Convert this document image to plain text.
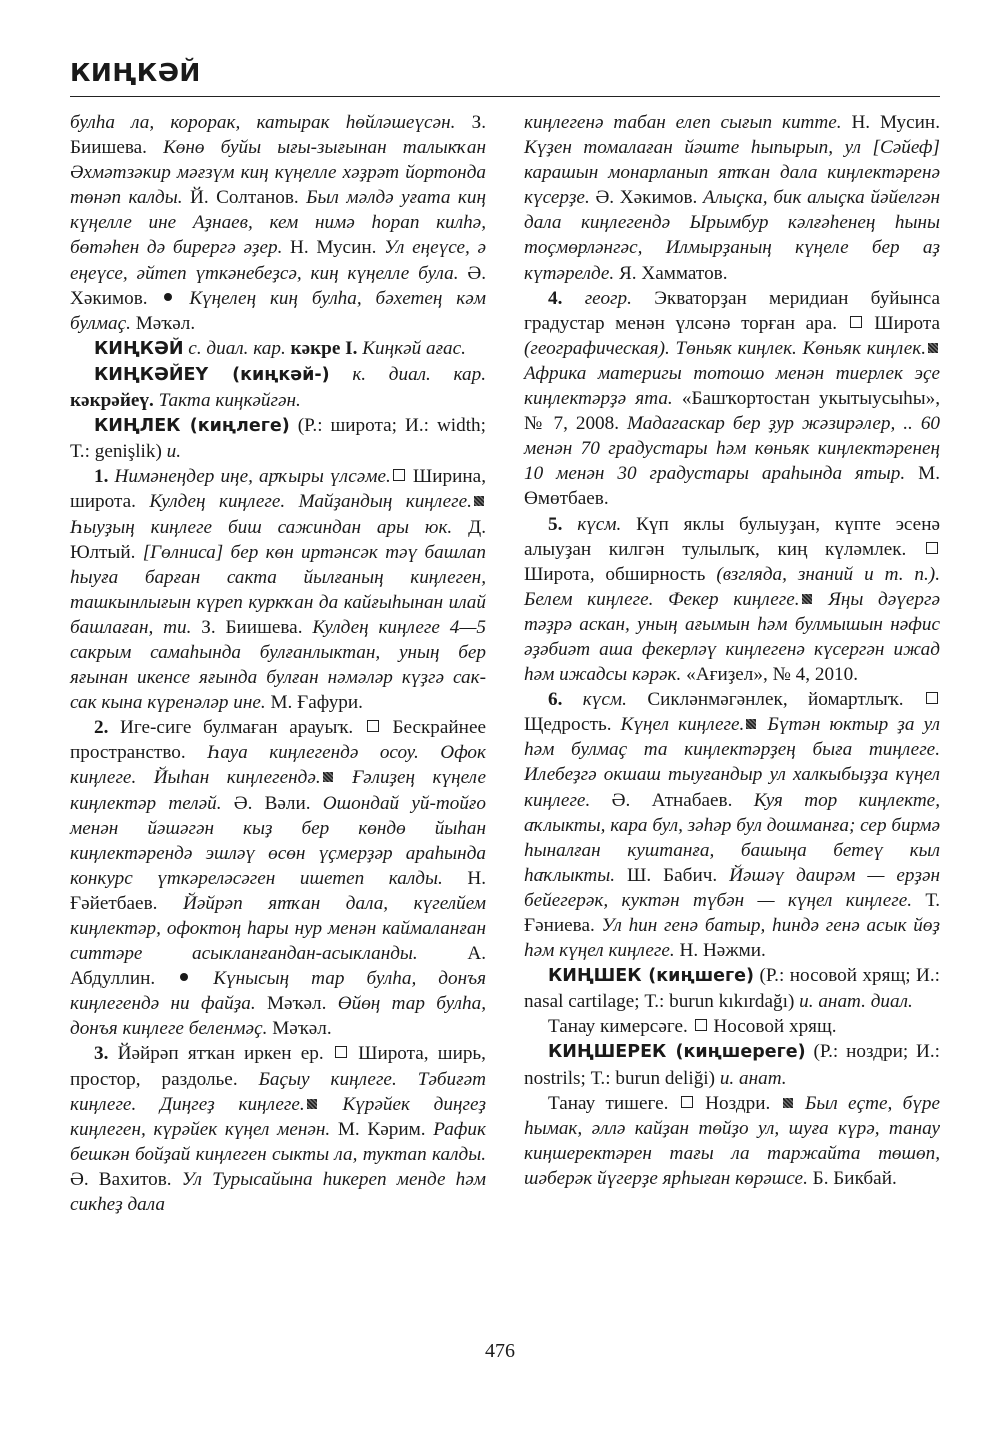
КИҢКӘЙ

булһа ла, корорак, катырак һөйләшеүсән. З. Биишева. Көнө буйы ығы-зығынан талыкҡан Әхмәтзәкир мәғзүм киң күңелле хәҙрәт йортонда төнәп калды. Й. Солтанов. Был мәлдә уғата киң күңелле ине Аҙнаев, кем нимә һорап килһә, бөтәһен дә бирергә әҙер. Н. Мусин. Ул еңеүсе, ә еңеүсе, әйтеп үткәнебеҙсә, киң күңелле була. Ә. Хәкимов.  Күңелең киң булһа, бәхетең кәм булмаҫ. Мәҡәл.

КИҢКӘЙ с. диал. кар. кәкре I. Киңкәй ағас.

КИҢКӘЙЕҮ (киңкәй-) к. диал. кар. кәкрәйеү. Такта киңкәйгән.

КИҢЛЕК (киңлеге) (Р.: широта; И.: width; Т.: genişlik) и.

1. Нимәнеңдер иңе, арҡыры үлсәме. Ширина, широта. Кулдең киңлеге. Майҙандың киңлеге. Һыуҙың киңлеге биш сажиндан ары юк. Д. Юлтый. [Гөлниса] бер көн иртәнсәк тәү башлап һыуға барған сакта йылғаның киңлеген, ташкынлығын күреп куркҡан да кайғыһынан илай башлаған, ти. З. Биишева. Кулдең киңлеге 4—5 сакрым самаһында булғанлыктан, уның бер яғынан икенсе яғында булған нәмәләр күҙгә сак-сак кына күренәләр ине. М. Ғафури.

2. Иге-сиге булмаған арауыҡ.  Бескрайнее пространство. Һауа киңлегендә осоу. Офок киңлеге. Йыһан киңлегендә. Ғәлиҙең күңеле киңлектәр теләй. Ә. Вәли. Ошондай уй-тойғо менән йәшәгән кыҙ бер көндө йыһан киңлектәрендә эшләү өсөн үҫмерҙәр араһында конкурс үткәреләсәген ишетеп калды. Н. Ғәйетбаев. Йәйрәп ятҡан дала, күгелйем киңлектәр, офоктоң һары нур менән каймаланған ситтәре асыкланғандан-асыкланды. А. Абдуллин.  Күнысың тар булһа, донъя киңлегендә ни файҙа. Мәҡәл. Өйөң тар булһа, донъя киңлеге беленмәҫ. Мәҡәл.

3. Йәйрәп ятҡан иркен ер.  Широта, ширь, простор, раздолье. Баҫыу киңлеге. Тәбиғәт киңлеге. Диңгеҙ киңлеге. Күрәйек диңгеҙ киңлеген, күрәйек күңел менән. М. Кәрим. Рафик бешкән бойҙай киңлеген сыкты ла, туктап калды. Ә. Вахитов. Ул Турысайына һикереп менде һәм сикһеҙ дала

киңлегенә табан елеп сығып китте. Н. Мусин. Күҙен томалаған йәште һыпырып, ул [Сәйеф] карашын монарланып ятҡан дала киңлектәренә күсерҙе. Ә. Хәкимов. Алыҫка, бик алыҫка йәйелгән дала киңлегендә Ырымбур кәлғәһенең һыны тоҫмөрләнгәс, Илмырҙаның күңеле бер аҙ күтәрелде. Я. Хамматов.

4. геогр. Экваторҙан меридиан буйынса градустар менән үлсәнә торған ара.  Широта (географическая). Төньяк киңлек. Көньяк киңлек. Африка материгы тотошо менән тиерлек эҫе киңлектәрҙә ята. «Башҡортостан укытыусыһы», № 7, 2008. Мадагаскар бер ҙур жәзирәлер, .. 60 менән 70 градустары һәм көньяк киңлектәренең 10 менән 30 градустары араһында ятыр. М. Өмөтбаев.

5. күсм. Күп яклы булыуҙан, күпте эсенә алыуҙан килгән тулылыҡ, киң күләмлек.  Широта, обширность (взгляда, знаний и т. п.). Белем киңлеге. Фекер киңлеге. Яңы дәүергә тәҙрә аскан, уның ағымын һәм булмышын нәфис әҙәбиәт аша фекерләү киңлегенә күсергән ижад һәм ижадсы кәрәк. «Ағиҙел», № 4, 2010.

6. күсм. Сикләнмәгәнлек, йомартлыҡ.  Щедрость. Күңел киңлеге. Бүтән юктыр ҙа ул һәм булмаҫ та киңлектәрҙең быға тиңлеге. Илебеҙгә окшаш тыуғандыр ул халкыбыҙҙа күңел киңлеге. Ә. Атнабаев. Куя тор киңлекте, аҡлыкты, кара бул, зәһәр бул дошманға; сер бирмә һыналған куштанға, башыңа бетеү кыл һаҡлыкты. Ш. Бабич. Йәшәү даирәм — ерҙән бейегерәк, куктән түбән — күңел киңлеге. Т. Ғәниева. Ул һин генә батыр, һиндә генә асык йөҙ һәм күңел киңлеге. Н. Нәжми.

КИҢШЕК (киңшеге) (Р.: носовой хрящ; И.: nasal cartilage; Т.: burun kıkırdağı) и. анат. диал.

Танау кимерсәге.  Носовой хрящ.

КИҢШЕРЕК (киңшереге) (Р.: ноздри; И.: nostrils; Т.: burun deliği) и. анат.

Танау тишеге.  Ноздри.  Был еҫте, бүре һымак, әллә кайҙан төйҙо ул, шуға күрә, танау киңшеректәрен тағы ла таржайта төшөп, шәберәк йүгерҙе ярһыған көрәшсе. Б. Бикбай.

476
